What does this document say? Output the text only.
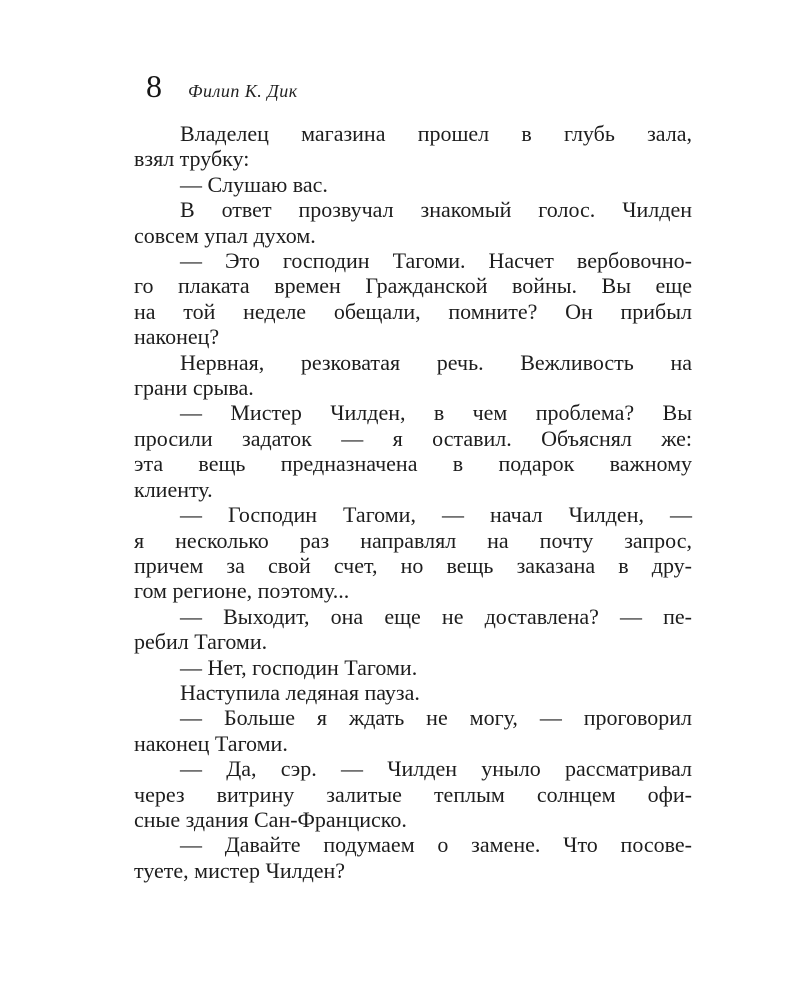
8 Филип К. Дик
Владелец магазина прошел в глубь зала,
взял трубку:
— Слушаю вас.
В ответ прозвучал знакомый голос. Чилден
совсем упал духом.
— Это господин Тагоми. Насчет вербовочно-
го плаката времен Гражданской войны. Вы еще
на той неделе обещали, помните? Он прибыл
наконец?
Нервная, резковатая речь. Вежливость на
грани срыва.
— Мистер Чилден, в чем проблема? Вы
просили задаток — я оставил. Объяснял же:
эта вещь предназначена в подарок важному
клиенту.
— Господин Тагоми, — начал Чилден, —
я несколько раз направлял на почту запрос,
причем за свой счет, но вещь заказана в дру-
гом регионе, поэтому...
— Выходит, она еще не доставлена? — пе-
ребил Тагоми.
— Нет, господин Тагоми.
Наступила ледяная пауза.
— Больше я ждать не могу, — проговорил
наконец Тагоми.
— Да, сэр. — Чилден уныло рассматривал
через витрину залитые теплым солнцем офи-
сные здания Сан-Франциско.
— Давайте подумаем о замене. Что посове-
туете, мистер Чилден?
